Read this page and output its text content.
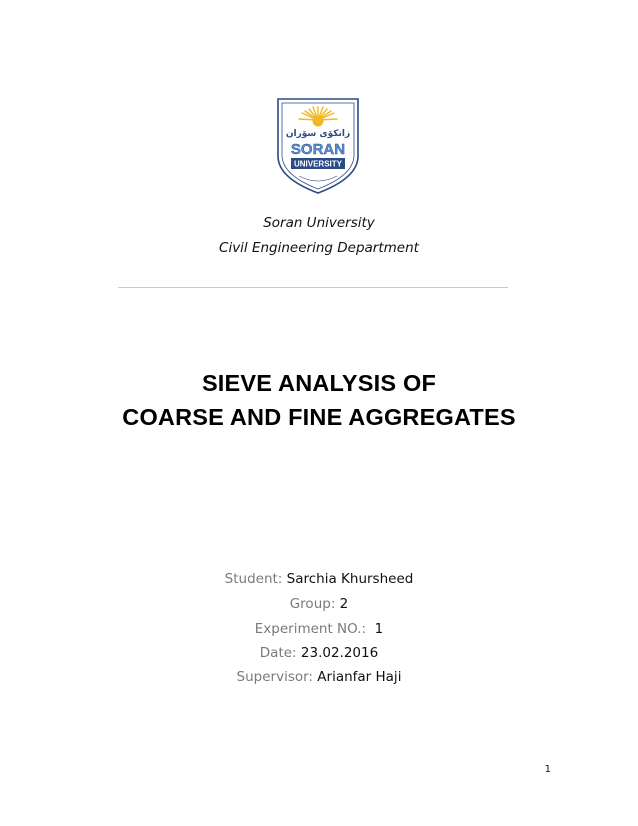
زانكۆی سۆران
SORAN
UNIVERSITY
Soran University
Civil Engineering Department
SIEVE ANALYSIS OF
COARSE AND FINE AGGREGATES
Student: Sarchia Khursheed
Group: 2
Experiment NO.: 1
Date: 23.02.2016
Supervisor: Arianfar Haji
1
